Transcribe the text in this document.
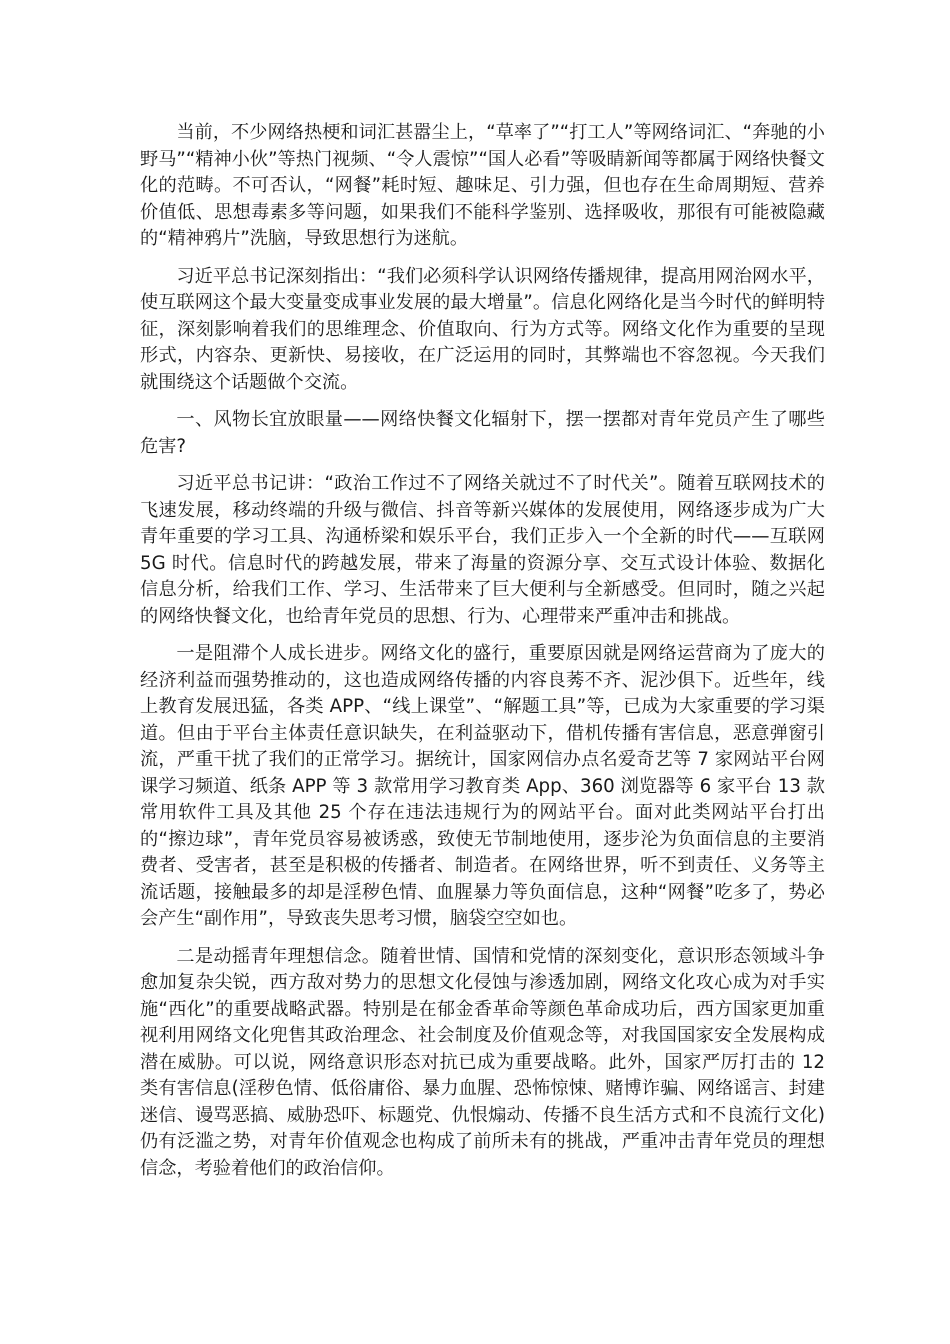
当前，不少网络热梗和词汇甚嚣尘上，“草率了”“打工人”等网络词汇、“奔驰的小野马”“精神小伙”等热门视频、“令人震惊”“国人必看”等吸睛新闻等都属于网络快餐文化的范畴。不可否认，“网餐”耗时短、趣味足、引力强，但也存在生命周期短、营养价值低、思想毒素多等问题，如果我们不能科学鉴别、选择吸收，那很有可能被隐藏的“精神鸦片”洗脑，导致思想行为迷航。

习近平总书记深刻指出：“我们必须科学认识网络传播规律，提高用网治网水平，使互联网这个最大变量变成事业发展的最大增量”。信息化网络化是当今时代的鲜明特征，深刻影响着我们的思维理念、价值取向、行为方式等。网络文化作为重要的呈现形式，内容杂、更新快、易接收，在广泛运用的同时，其弊端也不容忽视。今天我们就围绕这个话题做个交流。

一、风物长宜放眼量——网络快餐文化辐射下，摆一摆都对青年党员产生了哪些危害?

习近平总书记讲：“政治工作过不了网络关就过不了时代关”。随着互联网技术的飞速发展，移动终端的升级与微信、抖音等新兴媒体的发展使用，网络逐步成为广大青年重要的学习工具、沟通桥梁和娱乐平台，我们正步入一个全新的时代——互联网 5G 时代。信息时代的跨越发展，带来了海量的资源分享、交互式设计体验、数据化信息分析，给我们工作、学习、生活带来了巨大便利与全新感受。但同时，随之兴起的网络快餐文化，也给青年党员的思想、行为、心理带来严重冲击和挑战。

一是阻滞个人成长进步。网络文化的盛行，重要原因就是网络运营商为了庞大的经济利益而强势推动的，这也造成网络传播的内容良莠不齐、泥沙俱下。近些年，线上教育发展迅猛，各类 APP、“线上课堂”、“解题工具”等，已成为大家重要的学习渠道。但由于平台主体责任意识缺失，在利益驱动下，借机传播有害信息，恶意弹窗引流，严重干扰了我们的正常学习。据统计，国家网信办点名爱奇艺等 7 家网站平台网课学习频道、纸条 APP 等 3 款常用学习教育类 App、360 浏览器等 6 家平台 13 款常用软件工具及其他 25 个存在违法违规行为的网站平台。面对此类网站平台打出的“擦边球”，青年党员容易被诱惑，致使无节制地使用，逐步沦为负面信息的主要消费者、受害者，甚至是积极的传播者、制造者。在网络世界，听不到责任、义务等主流话题，接触最多的却是淫秽色情、血腥暴力等负面信息，这种“网餐”吃多了，势必会产生“副作用”，导致丧失思考习惯，脑袋空空如也。

二是动摇青年理想信念。随着世情、国情和党情的深刻变化，意识形态领域斗争愈加复杂尖锐，西方敌对势力的思想文化侵蚀与渗透加剧，网络文化攻心成为对手实施“西化”的重要战略武器。特别是在郁金香革命等颜色革命成功后，西方国家更加重视利用网络文化兜售其政治理念、社会制度及价值观念等，对我国国家安全发展构成潜在威胁。可以说，网络意识形态对抗已成为重要战略。此外，国家严厉打击的 12 类有害信息(淫秽色情、低俗庸俗、暴力血腥、恐怖惊悚、赌博诈骗、网络谣言、封建迷信、谩骂恶搞、威胁恐吓、标题党、仇恨煽动、传播不良生活方式和不良流行文化)仍有泛滥之势，对青年价值观念也构成了前所未有的挑战，严重冲击青年党员的理想信念，考验着他们的政治信仰。
